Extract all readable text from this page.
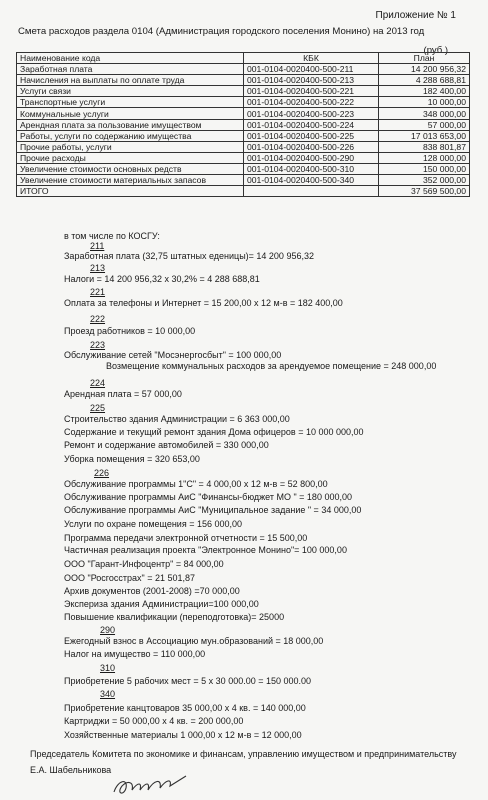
Приложение № 1
Смета расходов раздела 0104 (Администрация городского поселения Монино) на 2013 год
(руб.)
Наименование кода	КБК	План
Заработная плата	001-0104-0020400-500-211	14 200 956,32
Начисления на выплаты по оплате труда	001-0104-0020400-500-213	4 288 688,81
Услуги связи	001-0104-0020400-500-221	182 400,00
Транспортные услуги	001-0104-0020400-500-222	10 000,00
Коммунальные услуги	001-0104-0020400-500-223	348 000,00
Арендная плата за пользование имуществом	001-0104-0020400-500-224	57 000,00
Работы, услуги по содержанию имущества	001-0104-0020400-500-225	17 013 653,00
Прочие работы, услуги	001-0104-0020400-500-226	838 801,87
Прочие расходы	001-0104-0020400-500-290	128 000,00
Увеличение стоимости основных редств	001-0104-0020400-500-310	150 000,00
Увеличение стоимости материальных запасов	001-0104-0020400-500-340	352 000,00
ИТОГО		37 569 500,00
в том числе по КОСГУ:
211
Заработная плата (32,75 штатных еденицы)= 14 200 956,32
213
Налоги = 14 200 956,32 х 30,2% = 4 288 688,81
221
Оплата за телефоны и Интернет = 15 200,00 х 12 м-в = 182 400,00
222
Проезд работников = 10 000,00
223
Обслуживание сетей "Мосэнергосбыт" = 100 000,00
Возмещение коммунальных расходов за арендуемое помещение = 248 000,00
224
Арендная плата = 57 000,00
225
Строительство здания Администрации = 6 363 000,00
Содержание и текущий ремонт здания Дома офицеров = 10 000 000,00
Ремонт и содержание автомобилей = 330 000,00
Уборка помещения = 320 653,00
226
Обслуживание программы 1"С" = 4 000,00 х 12 м-в = 52 800,00
Обслуживание программы АиС "Финансы-бюджет МО " = 180 000,00
Обслуживание программы АиС "Муниципальное задание " = 34 000,00
Услуги по охране помещения = 156 000,00
Программа передачи электронной отчетности = 15 500,00
Частичная реализация проекта "Электронное Монино"= 100 000,00
ООО "Гарант-Инфоцентр" = 84 000,00
ООО "Росгосстрах" = 21 501,87
Архив документов (2001-2008) =70 000,00
Экспериза здания Администрации=100 000,00
Повышение квалификации (переподготовка)= 25000
290
Ежегодный взнос в Ассоциацию мун.образований = 18 000,00
Налог на имущество = 110 000,00
310
Приобретение 5 рабочих мест = 5 х 30 000.00 = 150 000.00
340
Приобретение канцтоваров 35 000,00 х 4 кв. = 140 000,00
Картриджи = 50 000,00 х 4 кв. = 200 000,00
Хозяйственные материалы 1 000,00 х 12 м-в = 12 000,00
Председатель Комитета по экономике и финансам, управлению имуществом и предпринимательству
Е.А. Шабельникова
